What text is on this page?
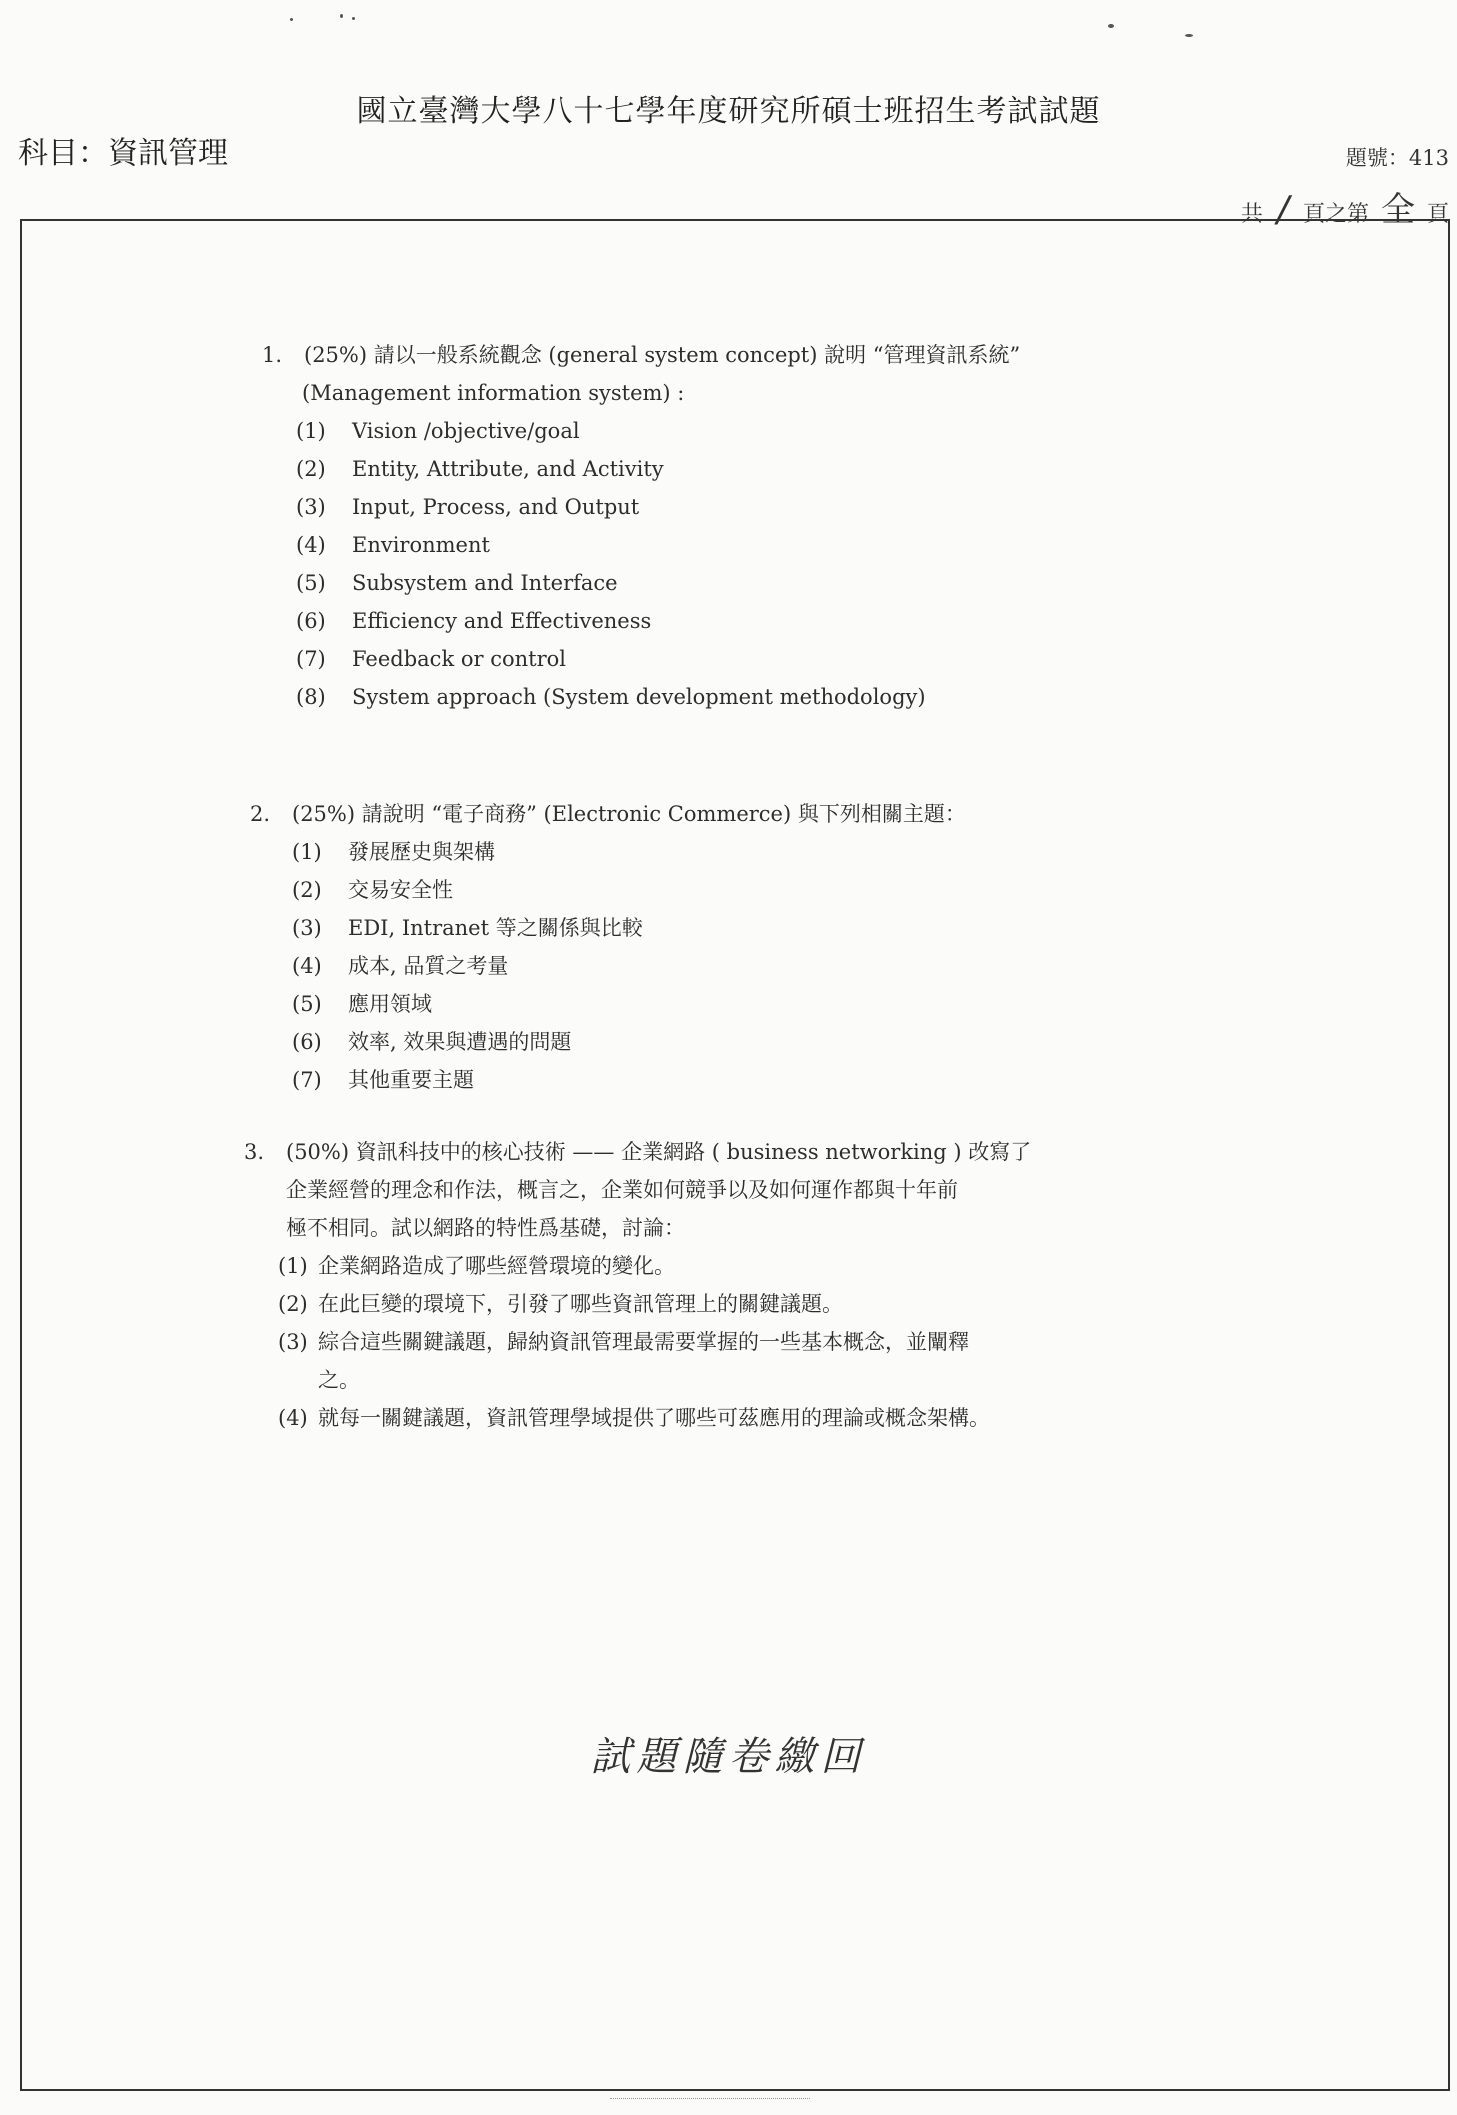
國立臺灣大學八十七學年度研究所碩士班招生考試試題
科目：資訊管理	題號：413
共 / 頁之第 全 頁
1.	(25%) 請以一般系統觀念 (general system concept) 說明 “管理資訊系統”
(Management information system) :
(1)	Vision /objective/goal
(2)	Entity, Attribute, and Activity
(3)	Input, Process, and Output
(4)	Environment
(5)	Subsystem and Interface
(6)	Efficiency and Effectiveness
(7)	Feedback or control
(8)	System approach (System development methodology)
2.	(25%) 請說明 “電子商務” (Electronic Commerce) 與下列相關主題：
(1)	發展歷史與架構
(2)	交易安全性
(3)	EDI, Intranet 等之關係與比較
(4)	成本, 品質之考量
(5)	應用領域
(6)	效率, 效果與遭遇的問題
(7)	其他重要主題
3.	(50%) 資訊科技中的核心技術 —— 企業網路 ( business networking ) 改寫了
企業經營的理念和作法，概言之，企業如何競爭以及如何運作都與十年前
極不相同。試以網路的特性爲基礎，討論：
(1) 企業網路造成了哪些經營環境的變化。
(2) 在此巨變的環境下，引發了哪些資訊管理上的關鍵議題。
(3) 綜合這些關鍵議題，歸納資訊管理最需要掌握的一些基本概念，並闡釋
之。
(4) 就每一關鍵議題，資訊管理學域提供了哪些可茲應用的理論或概念架構。
試題隨卷繳回
